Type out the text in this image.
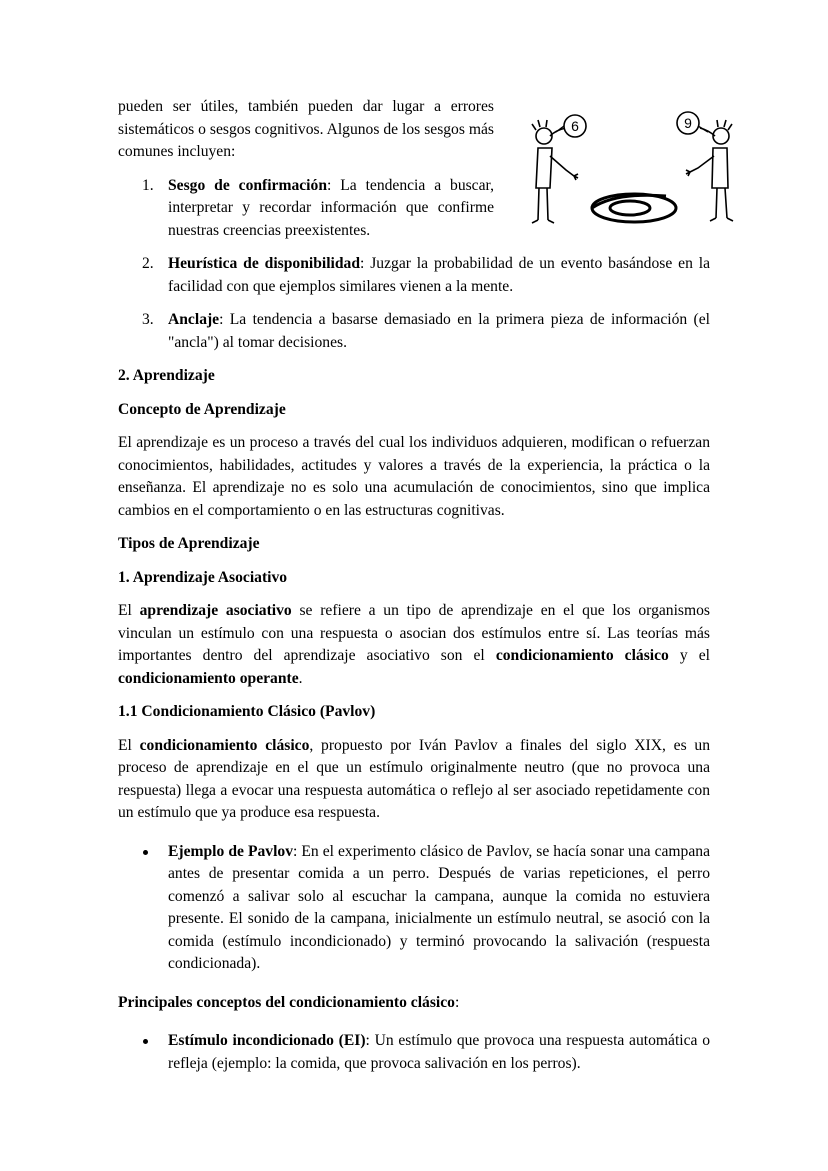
pueden ser útiles, también pueden dar lugar a errores sistemáticos o sesgos cognitivos. Algunos de los sesgos más comunes incluyen:

1. Sesgo de confirmación: La tendencia a buscar, interpretar y recordar información que confirme nuestras creencias preexistentes.
6	9
2. Heurística de disponibilidad: Juzgar la probabilidad de un evento basándose en la facilidad con que ejemplos similares vienen a la mente.
3. Anclaje: La tendencia a basarse demasiado en la primera pieza de información (el "ancla") al tomar decisiones.

2. Aprendizaje

Concepto de Aprendizaje

El aprendizaje es un proceso a través del cual los individuos adquieren, modifican o refuerzan conocimientos, habilidades, actitudes y valores a través de la experiencia, la práctica o la enseñanza. El aprendizaje no es solo una acumulación de conocimientos, sino que implica cambios en el comportamiento o en las estructuras cognitivas.

Tipos de Aprendizaje

1. Aprendizaje Asociativo

El aprendizaje asociativo se refiere a un tipo de aprendizaje en el que los organismos vinculan un estímulo con una respuesta o asocian dos estímulos entre sí. Las teorías más importantes dentro del aprendizaje asociativo son el condicionamiento clásico y el condicionamiento operante.

1.1 Condicionamiento Clásico (Pavlov)

El condicionamiento clásico, propuesto por Iván Pavlov a finales del siglo XIX, es un proceso de aprendizaje en el que un estímulo originalmente neutro (que no provoca una respuesta) llega a evocar una respuesta automática o reflejo al ser asociado repetidamente con un estímulo que ya produce esa respuesta.

Ejemplo de Pavlov: En el experimento clásico de Pavlov, se hacía sonar una campana antes de presentar comida a un perro. Después de varias repeticiones, el perro comenzó a salivar solo al escuchar la campana, aunque la comida no estuviera presente. El sonido de la campana, inicialmente un estímulo neutral, se asoció con la comida (estímulo incondicionado) y terminó provocando la salivación (respuesta condicionada).

Principales conceptos del condicionamiento clásico:

Estímulo incondicionado (EI): Un estímulo que provoca una respuesta automática o refleja (ejemplo: la comida, que provoca salivación en los perros).
